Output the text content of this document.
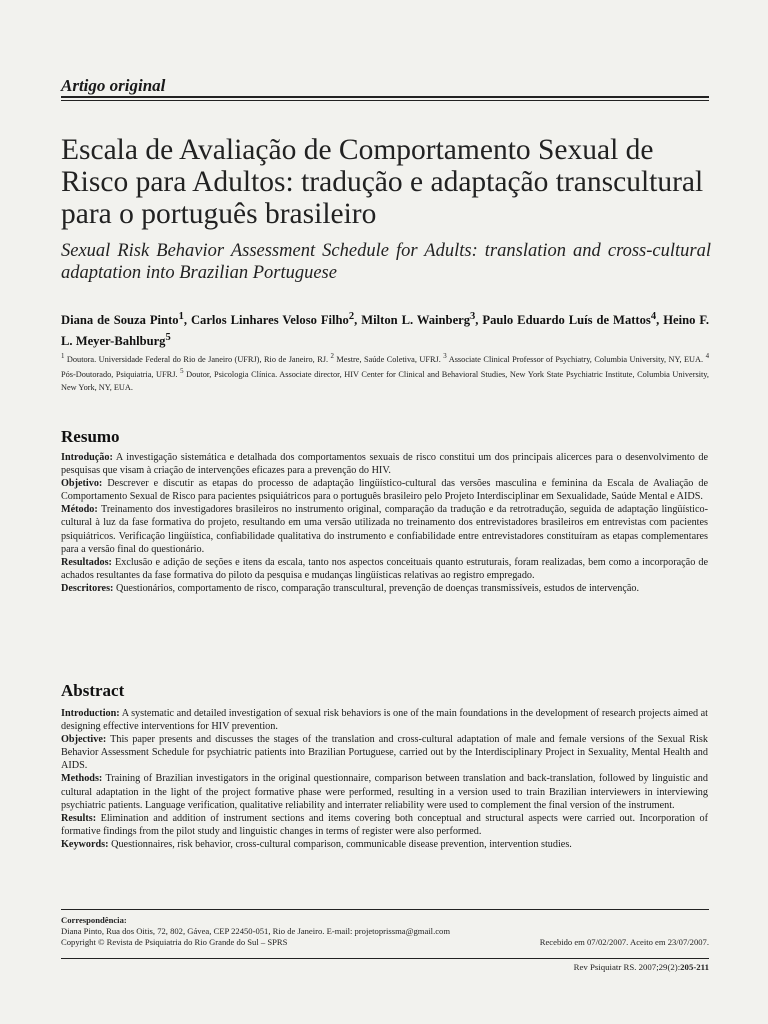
Artigo original
Escala de Avaliação de Comportamento Sexual de Risco para Adultos: tradução e adaptação transcultural para o português brasileiro
Sexual Risk Behavior Assessment Schedule for Adults: translation and cross-cultural adaptation into Brazilian Portuguese
Diana de Souza Pinto$^1$, Carlos Linhares Veloso Filho$^2$, Milton L. Wainberg$^3$, Paulo Eduardo Luís de Mattos$^4$, Heino F. L. Meyer-Bahlburg$^5$
$^1$ Doutora. Universidade Federal do Rio de Janeiro (UFRJ), Rio de Janeiro, RJ. $^2$ Mestre, Saúde Coletiva, UFRJ. $^3$ Associate Clinical Professor of Psychiatry, Columbia University, NY, EUA. $^4$ Pós-Doutorado, Psiquiatria, UFRJ. $^5$ Doutor, Psicologia Clínica. Associate director, HIV Center for Clinical and Behavioral Studies, New York State Psychiatric Institute, Columbia University, New York, NY, EUA.
Resumo

Introdução: A investigação sistemática e detalhada dos comportamentos sexuais de risco constitui um dos principais alicerces para o desenvolvimento de pesquisas que visam à criação de intervenções eficazes para a prevenção do HIV.

Objetivo: Descrever e discutir as etapas do processo de adaptação lingüístico-cultural das versões masculina e feminina da Escala de Avaliação de Comportamento Sexual de Risco para pacientes psiquiátricos para o português brasileiro pelo Projeto Interdisciplinar em Sexualidade, Saúde Mental e AIDS.

Método: Treinamento dos investigadores brasileiros no instrumento original, comparação da tradução e da retrotradução, seguida de adaptação lingüístico-cultural à luz da fase formativa do projeto, resultando em uma versão utilizada no treinamento dos entrevistadores brasileiros em entrevistas com pacientes psiquiátricos. Verificação lingüística, confiabilidade qualitativa do instrumento e confiabilidade entre entrevistadores constituíram as etapas complementares para a versão final do questionário.

Resultados: Exclusão e adição de seções e itens da escala, tanto nos aspectos conceituais quanto estruturais, foram realizadas, bem como a incorporação de achados resultantes da fase formativa do piloto da pesquisa e mudanças lingüísticas relativas ao registro empregado.

Descritores: Questionários, comportamento de risco, comparação transcultural, prevenção de doenças transmissíveis, estudos de intervenção.

Abstract

Introduction: A systematic and detailed investigation of sexual risk behaviors is one of the main foundations in the development of research projects aimed at designing effective interventions for HIV prevention.

Objective: This paper presents and discusses the stages of the translation and cross-cultural adaptation of male and female versions of the Sexual Risk Behavior Assessment Schedule for psychiatric patients into Brazilian Portuguese, carried out by the Interdisciplinary Project in Sexuality, Mental Health and AIDS.

Methods: Training of Brazilian investigators in the original questionnaire, comparison between translation and back-translation, followed by linguistic and cultural adaptation in the light of the project formative phase were performed, resulting in a version used to train Brazilian interviewers in interviewing psychiatric patients. Language verification, qualitative reliability and interrater reliability were used to complement the final version of the instrument.

Results: Elimination and addition of instrument sections and items covering both conceptual and structural aspects were carried out. Incorporation of formative findings from the pilot study and linguistic changes in terms of register were also performed.

Keywords: Questionnaires, risk behavior, cross-cultural comparison, communicable disease prevention, intervention studies.

Correspondência:
Diana Pinto, Rua dos Oitis, 72, 802, Gávea, CEP 22450-051, Rio de Janeiro. E-mail: projetoprissma@gmail.com
Copyright © Revista de Psiquiatria do Rio Grande do Sul – SPRS	Recebido em 07/02/2007. Aceito em 23/07/2007.
Rev Psiquiatr RS. 2007;29(2):205-211
